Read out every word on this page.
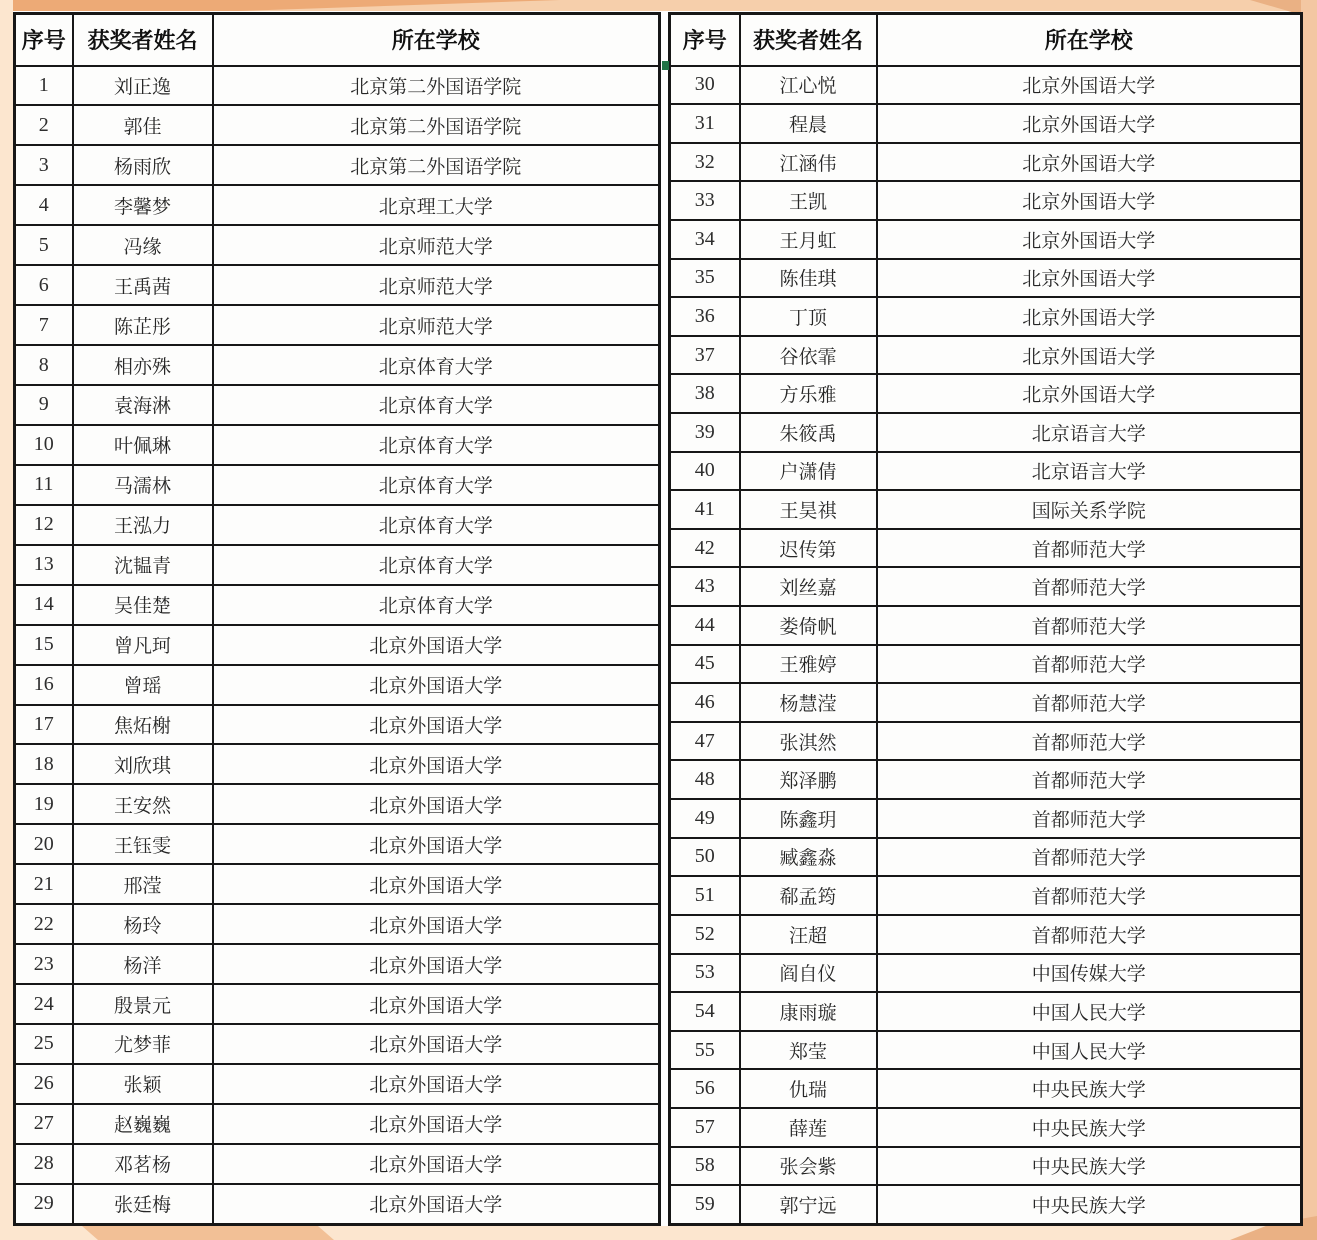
序号	获奖者姓名	所在学校
1	刘正逸	北京第二外国语学院
2	郭佳	北京第二外国语学院
3	杨雨欣	北京第二外国语学院
4	李馨梦	北京理工大学
5	冯缘	北京师范大学
6	王禹茜	北京师范大学
7	陈芷彤	北京师范大学
8	相亦殊	北京体育大学
9	袁海淋	北京体育大学
10	叶佩琳	北京体育大学
11	马濡林	北京体育大学
12	王泓力	北京体育大学
13	沈韫青	北京体育大学
14	吴佳楚	北京体育大学
15	曾凡珂	北京外国语大学
16	曾瑶	北京外国语大学
17	焦炻榭	北京外国语大学
18	刘欣琪	北京外国语大学
19	王安然	北京外国语大学
20	王钰雯	北京外国语大学
21	邢滢	北京外国语大学
22	杨玲	北京外国语大学
23	杨洋	北京外国语大学
24	殷景元	北京外国语大学
25	尤梦菲	北京外国语大学
26	张颖	北京外国语大学
27	赵巍巍	北京外国语大学
28	邓茗杨	北京外国语大学
29	张廷梅	北京外国语大学
序号	获奖者姓名	所在学校
30	江心悦	北京外国语大学
31	程晨	北京外国语大学
32	江涵伟	北京外国语大学
33	王凯	北京外国语大学
34	王月虹	北京外国语大学
35	陈佳琪	北京外国语大学
36	丁顶	北京外国语大学
37	谷依霏	北京外国语大学
38	方乐雅	北京外国语大学
39	朱筱禹	北京语言大学
40	户潇倩	北京语言大学
41	王昊祺	国际关系学院
42	迟传第	首都师范大学
43	刘丝嘉	首都师范大学
44	娄倚帆	首都师范大学
45	王雅婷	首都师范大学
46	杨慧滢	首都师范大学
47	张淇然	首都师范大学
48	郑泽鹏	首都师范大学
49	陈鑫玥	首都师范大学
50	臧鑫淼	首都师范大学
51	郗孟筠	首都师范大学
52	汪超	首都师范大学
53	阎自仪	中国传媒大学
54	康雨璇	中国人民大学
55	郑莹	中国人民大学
56	仇瑞	中央民族大学
57	薛莲	中央民族大学
58	张会紫	中央民族大学
59	郭宁远	中央民族大学
